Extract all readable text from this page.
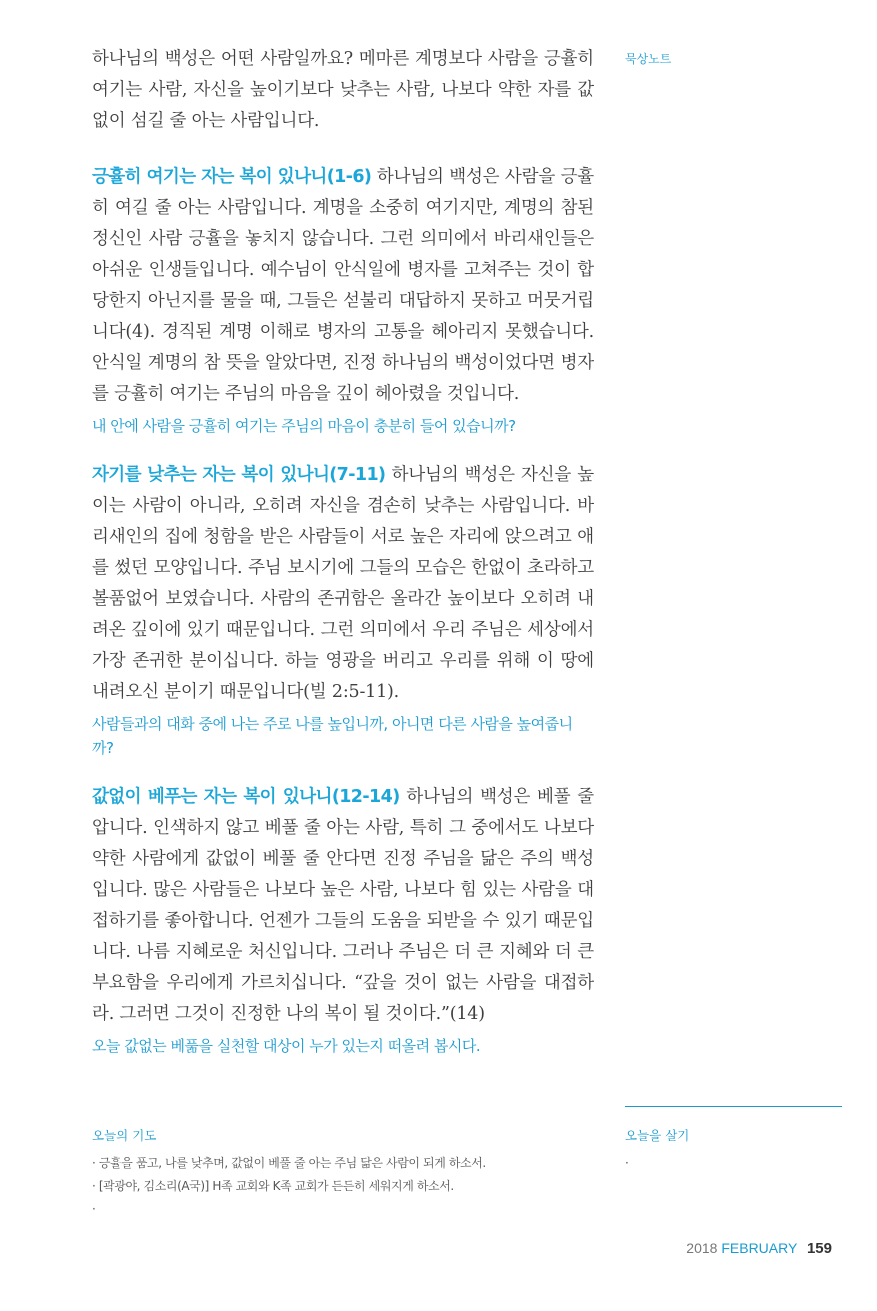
묵상노트

하나님의 백성은 어떤 사람일까요? 메마른 계명보다 사람을 긍휼히 여기는 사람, 자신을 높이기보다 낮추는 사람, 나보다 약한 자를 값없이 섬길 줄 아는 사람입니다.

긍휼히 여기는 자는 복이 있나니(1-6) 하나님의 백성은 사람을 긍휼히 여길 줄 아는 사람입니다. 계명을 소중히 여기지만, 계명의 참된 정신인 사람 긍휼을 놓치지 않습니다. 그런 의미에서 바리새인들은 아쉬운 인생들입니다. 예수님이 안식일에 병자를 고쳐주는 것이 합당한지 아닌지를 물을 때, 그들은 섣불리 대답하지 못하고 머뭇거립니다(4). 경직된 계명 이해로 병자의 고통을 헤아리지 못했습니다. 안식일 계명의 참 뜻을 알았다면, 진정 하나님의 백성이었다면 병자를 긍휼히 여기는 주님의 마음을 깊이 헤아렸을 것입니다.

내 안에 사람을 긍휼히 여기는 주님의 마음이 충분히 들어 있습니까?

자기를 낮추는 자는 복이 있나니(7-11) 하나님의 백성은 자신을 높이는 사람이 아니라, 오히려 자신을 겸손히 낮추는 사람입니다. 바리새인의 집에 청함을 받은 사람들이 서로 높은 자리에 앉으려고 애를 썼던 모양입니다. 주님 보시기에 그들의 모습은 한없이 초라하고 볼품없어 보였습니다. 사람의 존귀함은 올라간 높이보다 오히려 내려온 깊이에 있기 때문입니다. 그런 의미에서 우리 주님은 세상에서 가장 존귀한 분이십니다. 하늘 영광을 버리고 우리를 위해 이 땅에 내려오신 분이기 때문입니다(빌 2:5-11).

사람들과의 대화 중에 나는 주로 나를 높입니까, 아니면 다른 사람을 높여줍니까?

값없이 베푸는 자는 복이 있나니(12-14) 하나님의 백성은 베풀 줄 압니다. 인색하지 않고 베풀 줄 아는 사람, 특히 그 중에서도 나보다 약한 사람에게 값없이 베풀 줄 안다면 진정 주님을 닮은 주의 백성입니다. 많은 사람들은 나보다 높은 사람, 나보다 힘 있는 사람을 대접하기를 좋아합니다. 언젠가 그들의 도움을 되받을 수 있기 때문입니다. 나름 지혜로운 처신입니다. 그러나 주님은 더 큰 지혜와 더 큰 부요함을 우리에게 가르치십니다. “갚을 것이 없는 사람을 대접하라. 그러면 그것이 진정한 나의 복이 될 것이다.”(14)

오늘 값없는 베풂을 실천할 대상이 누가 있는지 떠올려 봅시다.
오늘의 기도
· 긍휼을 품고, 나를 낮추며, 값없이 베풀 줄 아는 주님 닮은 사람이 되게 하소서.
· [곽광야, 김소리(A국)] H족 교회와 K족 교회가 든든히 세워지게 하소서.
·
오늘을 살기
·
2018 FEBRUARY 159
